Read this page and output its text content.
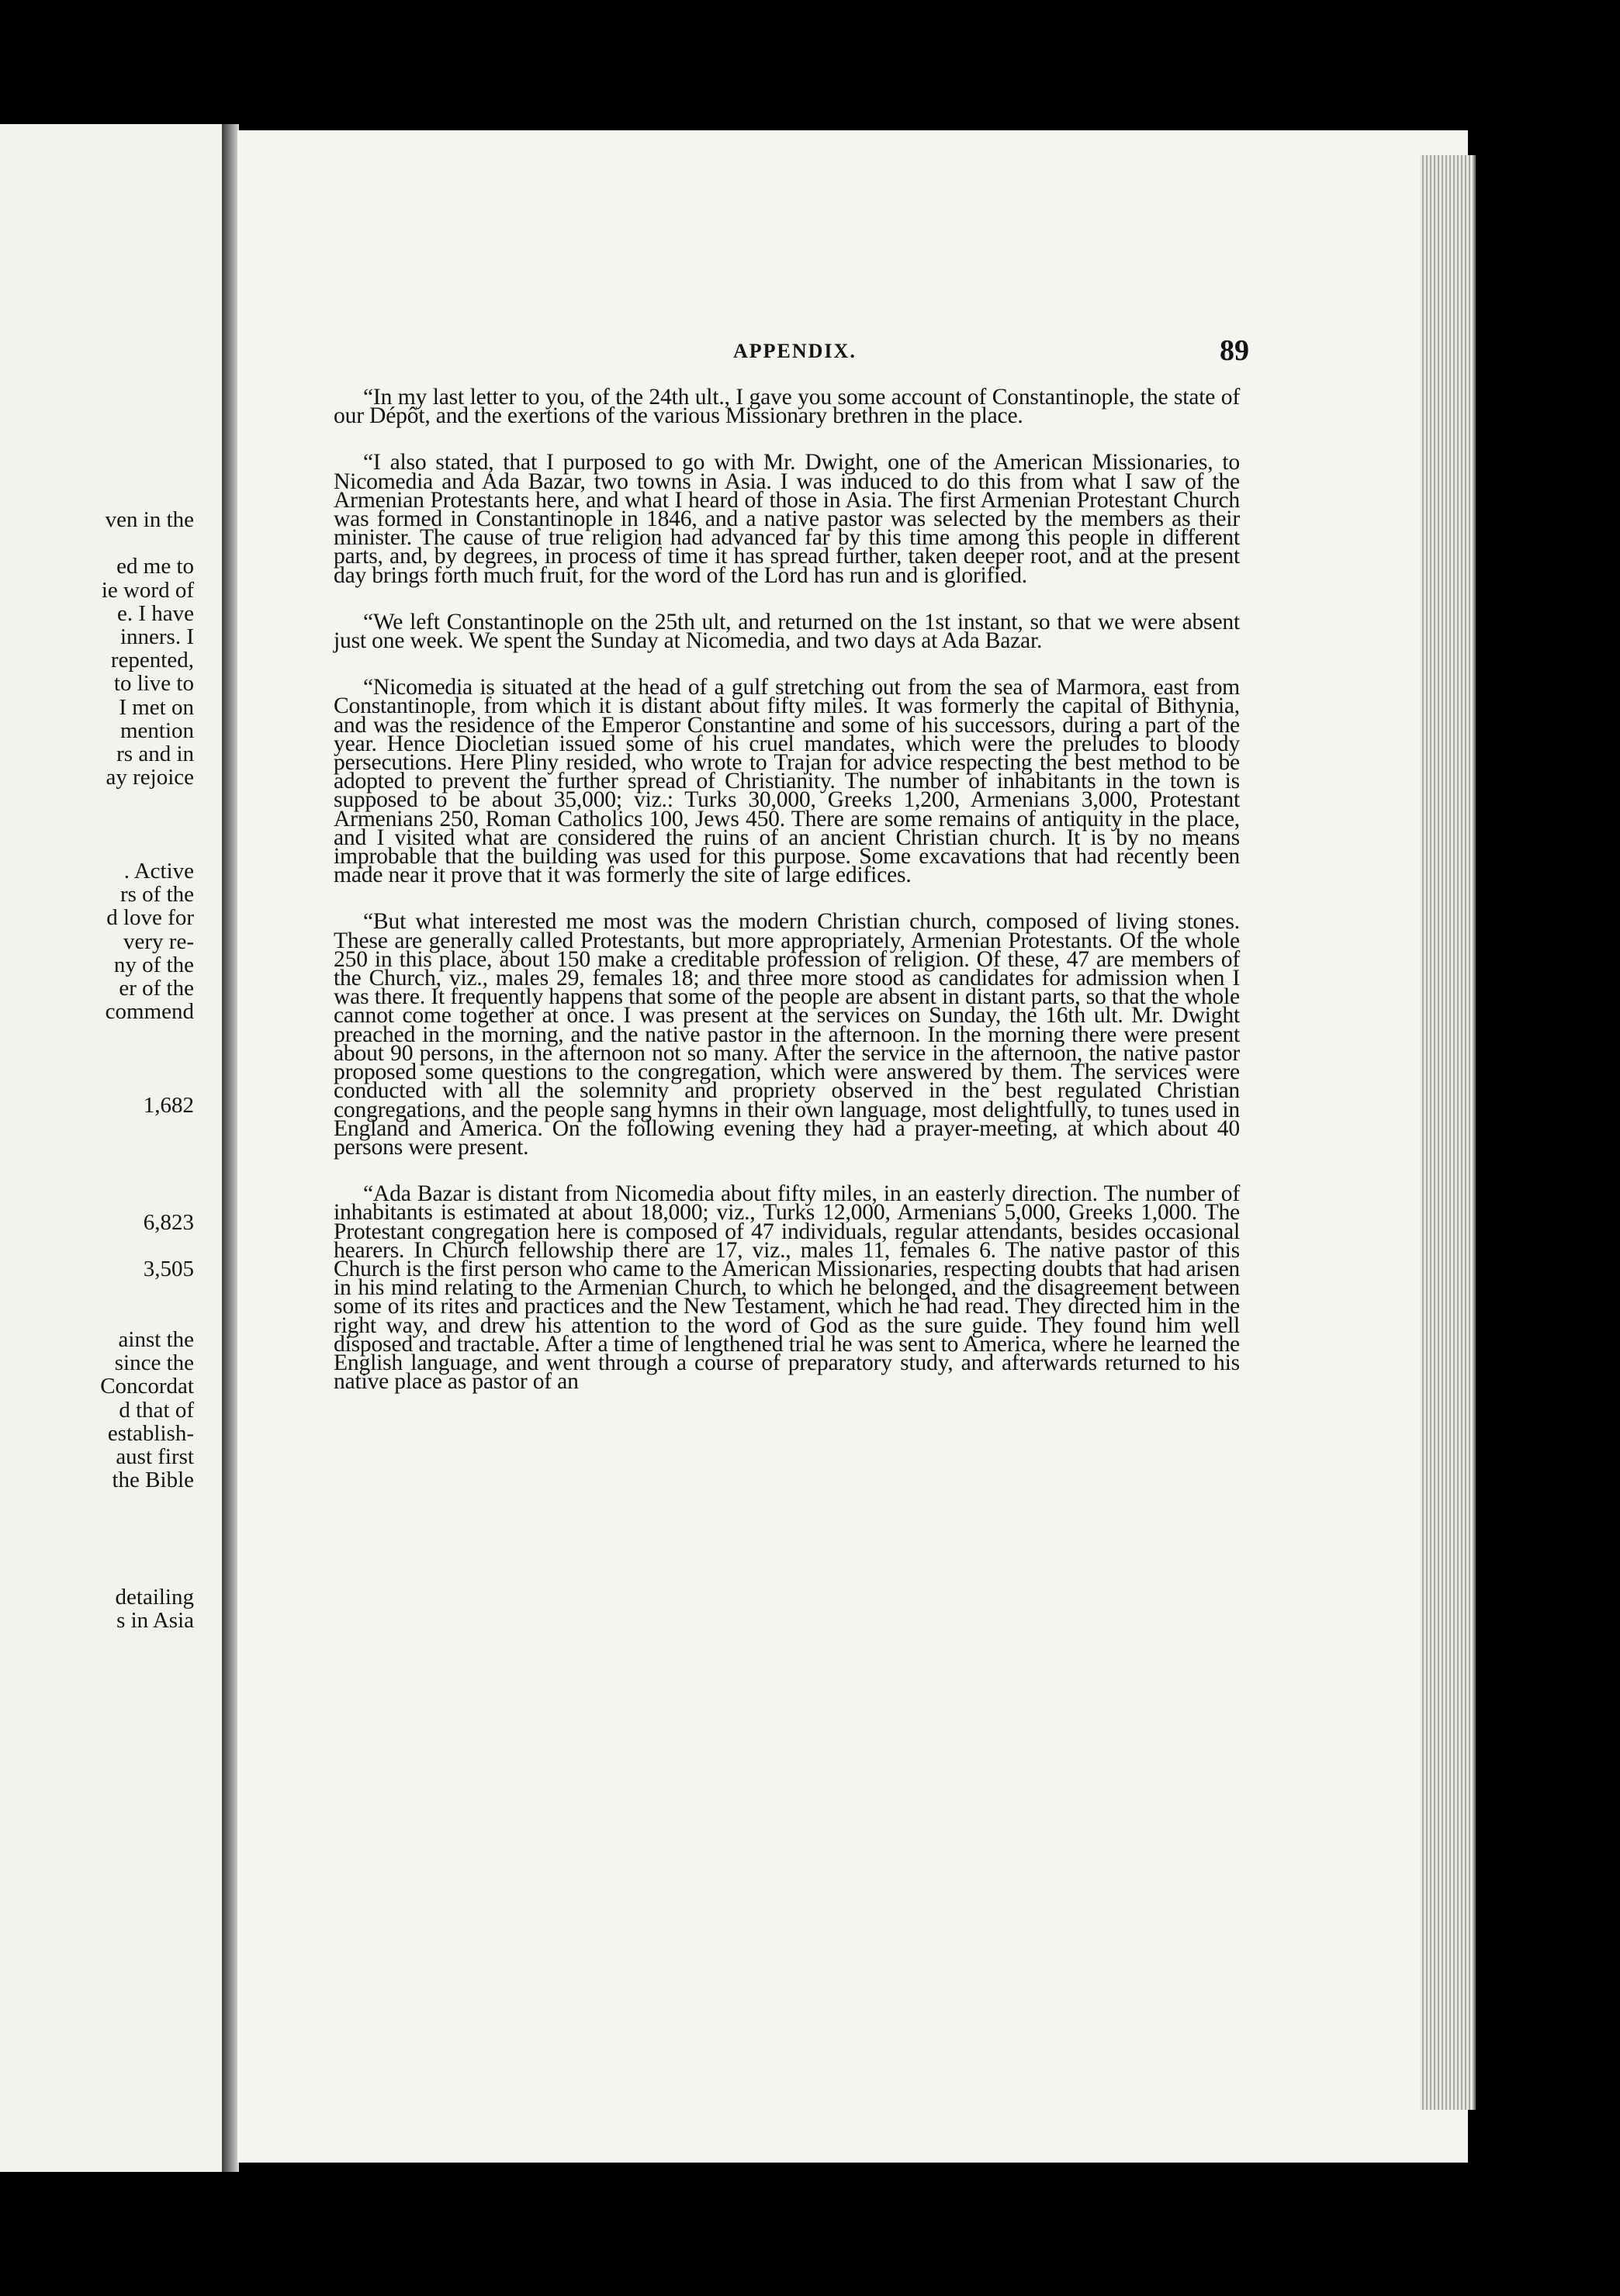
ven in the
ed me to
ie word of
e. I have
inners. I
repented,
to live to
I met on
mention
rs and in
ay rejoice
. Active
rs of the
d love for
very re-
ny of the
er of the
commend
1,682
6,823
3,505
ainst the
since the
Concordat
d that of
establish-
aust first
the Bible
detailing
s in Asia
APPENDIX.	89

“In my last letter to you, of the 24th ult., I gave you some account of Constantinople, the state of our Dépôt, and the exertions of the various Missionary brethren in the place.

“I also stated, that I purposed to go with Mr. Dwight, one of the American Missionaries, to Nicomedia and Ada Bazar, two towns in Asia. I was induced to do this from what I saw of the Armenian Protestants here, and what I heard of those in Asia. The first Armenian Protestant Church was formed in Constantinople in 1846, and a native pastor was selected by the members as their minister. The cause of true religion had advanced far by this time among this people in different parts, and, by degrees, in process of time it has spread further, taken deeper root, and at the present day brings forth much fruit, for the word of the Lord has run and is glorified.

“We left Constantinople on the 25th ult, and returned on the 1st instant, so that we were absent just one week. We spent the Sunday at Nicomedia, and two days at Ada Bazar.

“Nicomedia is situated at the head of a gulf stretching out from the sea of Marmora, east from Constantinople, from which it is distant about fifty miles. It was formerly the capital of Bithynia, and was the residence of the Emperor Constantine and some of his successors, during a part of the year. Hence Diocletian issued some of his cruel mandates, which were the preludes to bloody persecutions. Here Pliny resided, who wrote to Trajan for advice respecting the best method to be adopted to prevent the further spread of Christianity. The number of inhabitants in the town is supposed to be about 35,000; viz.: Turks 30,000, Greeks 1,200, Armenians 3,000, Protestant Armenians 250, Roman Catholics 100, Jews 450. There are some remains of antiquity in the place, and I visited what are considered the ruins of an ancient Christian church. It is by no means improbable that the building was used for this purpose. Some excavations that had recently been made near it prove that it was formerly the site of large edifices.

“But what interested me most was the modern Christian church, composed of living stones. These are generally called Protestants, but more appropriately, Armenian Protestants. Of the whole 250 in this place, about 150 make a creditable profession of religion. Of these, 47 are members of the Church, viz., males 29, females 18; and three more stood as candidates for admission when I was there. It frequently happens that some of the people are absent in distant parts, so that the whole cannot come together at once. I was present at the services on Sunday, the 16th ult. Mr. Dwight preached in the morning, and the native pastor in the afternoon. In the morning there were present about 90 persons, in the afternoon not so many. After the service in the afternoon, the native pastor proposed some questions to the congregation, which were answered by them. The services were conducted with all the solemnity and propriety observed in the best regulated Christian congregations, and the people sang hymns in their own language, most delightfully, to tunes used in England and America. On the following evening they had a prayer-meeting, at which about 40 persons were present.

“Ada Bazar is distant from Nicomedia about fifty miles, in an easterly direction. The number of inhabitants is estimated at about 18,000; viz., Turks 12,000, Armenians 5,000, Greeks 1,000. The Protestant congregation here is composed of 47 individuals, regular attendants, besides occasional hearers. In Church fellowship there are 17, viz., males 11, females 6. The native pastor of this Church is the first person who came to the American Missionaries, respecting doubts that had arisen in his mind relating to the Armenian Church, to which he belonged, and the disagreement between some of its rites and practices and the New Testament, which he had read. They directed him in the right way, and drew his attention to the word of God as the sure guide. They found him well disposed and tractable. After a time of lengthened trial he was sent to America, where he learned the English language, and went through a course of preparatory study, and afterwards returned to his native place as pastor of an
